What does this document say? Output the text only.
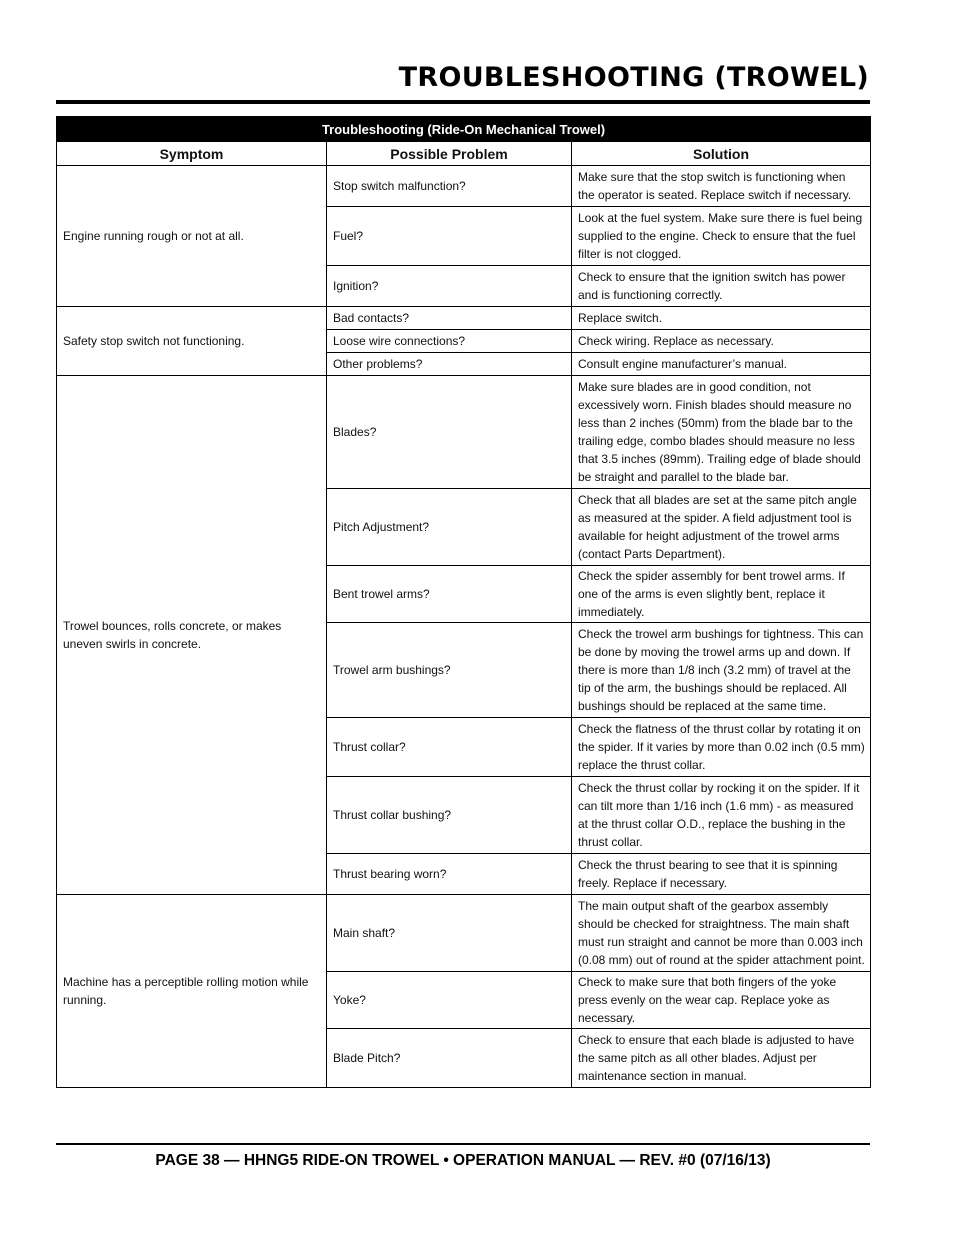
TROUBLESHOOTING (TROWEL)
Troubleshooting (Ride-On Mechanical Trowel)		
Symptom	Possible Problem	Solution
Engine running rough or not at all.	Stop switch malfunction?	Make sure that the stop switch is functioning when the operator is seated. Replace switch if necessary.
	Fuel?	Look at the fuel system. Make sure there is fuel being supplied to the engine. Check to ensure that the fuel filter is not clogged.
	Ignition?	Check to ensure that the ignition switch has power and is functioning correctly.
Safety stop switch not functioning.	Bad contacts?	Replace switch.
	Loose wire connections?	Check wiring. Replace as necessary.
	Other problems?	Consult engine manufacturer’s manual.
Trowel bounces, rolls concrete, or makes uneven swirls in concrete.	Blades?	Make sure blades are in good condition, not excessively worn. Finish blades should measure no less than 2 inches (50mm) from the blade bar to the trailing edge, combo blades should measure no less that 3.5 inches (89mm). Trailing edge of blade should be straight and parallel to the blade bar.
	Pitch Adjustment?	Check that all blades are set at the same pitch angle as measured at the spider. A field adjustment tool is available for height adjustment of the trowel arms (contact Parts Department).
	Bent trowel arms?	Check the spider assembly for bent trowel arms. If one of the arms is even slightly bent, replace it immediately.
	Trowel arm bushings?	Check the trowel arm bushings for tightness. This can be done by moving the trowel arms up and down. If there is more than 1/8 inch (3.2 mm) of travel at the tip of the arm, the bushings should be replaced. All bushings should be replaced at the same time.
	Thrust collar?	Check the flatness of the thrust collar by rotating it on the spider. If it varies by more than 0.02 inch (0.5 mm) replace the thrust collar.
	Thrust collar bushing?	Check the thrust collar by rocking it on the spider. If it can tilt more than 1/16 inch (1.6 mm) - as measured at the thrust collar O.D., replace the bushing in the thrust collar.
	Thrust bearing worn?	Check the thrust bearing to see that it is spinning freely. Replace if necessary.
Machine has a perceptible rolling motion while running.	Main shaft?	The main output shaft of the gearbox assembly should be checked for straightness. The main shaft must run straight and cannot be more than 0.003 inch (0.08 mm) out of round at the spider attachment point.
	Yoke?	Check to make sure that both fingers of the yoke press evenly on the wear cap. Replace yoke as necessary.
	Blade Pitch?	Check to ensure that each blade is adjusted to have the same pitch as all other blades. Adjust per maintenance section in manual.
PAGE 38 — HHNG5 RIDE-ON TROWEL • OPERATION MANUAL — REV. #0 (07/16/13)
